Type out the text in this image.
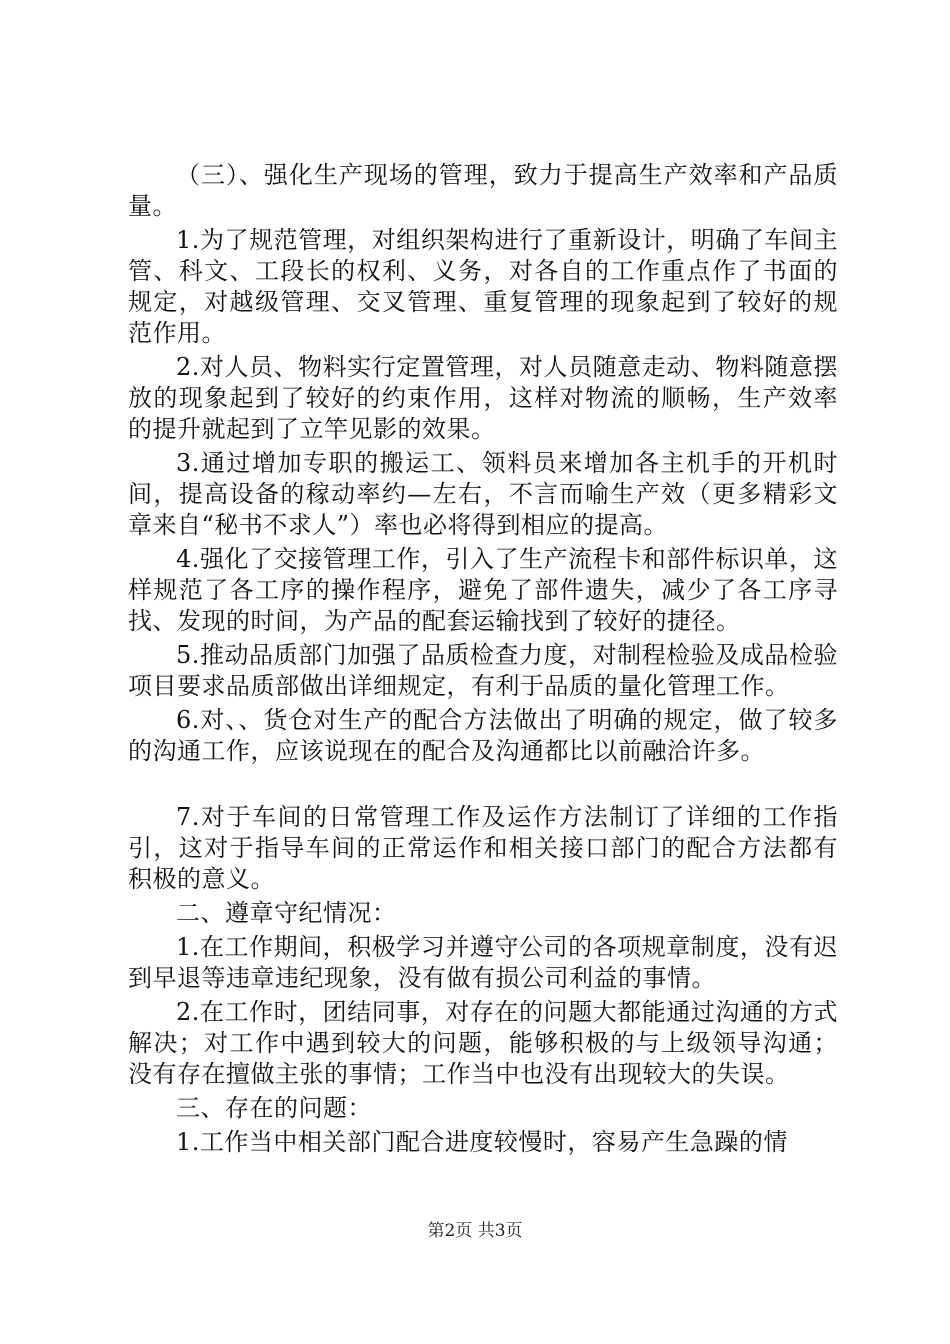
（三）、强化生产现场的管理，致力于提高生产效率和产品质量。

1.为了规范管理，对组织架构进行了重新设计，明确了车间主管、科文、工段长的权利、义务，对各自的工作重点作了书面的规定，对越级管理、交叉管理、重复管理的现象起到了较好的规范作用。

2.对人员、物料实行定置管理，对人员随意走动、物料随意摆放的现象起到了较好的约束作用，这样对物流的顺畅，生产效率的提升就起到了立竿见影的效果。

3.通过增加专职的搬运工、领料员来增加各主机手的开机时间，提高设备的稼动率约—左右，不言而喻生产效（更多精彩文章来自“秘书不求人”）率也必将得到相应的提高。

4.强化了交接管理工作，引入了生产流程卡和部件标识单，这样规范了各工序的操作程序，避免了部件遗失，减少了各工序寻找、发现的时间，为产品的配套运输找到了较好的捷径。

5.推动品质部门加强了品质检查力度，对制程检验及成品检验项目要求品质部做出详细规定，有利于品质的量化管理工作。

6.对、、货仓对生产的配合方法做出了明确的规定，做了较多的沟通工作，应该说现在的配合及沟通都比以前融洽许多。

7.对于车间的日常管理工作及运作方法制订了详细的工作指引，这对于指导车间的正常运作和相关接口部门的配合方法都有积极的意义。

二、遵章守纪情况：

1.在工作期间，积极学习并遵守公司的各项规章制度，没有迟到早退等违章违纪现象，没有做有损公司利益的事情。

2.在工作时，团结同事，对存在的问题大都能通过沟通的方式解决；对工作中遇到较大的问题，能够积极的与上级领导沟通；没有存在擅做主张的事情；工作当中也没有出现较大的失误。

三、存在的问题：

1.工作当中相关部门配合进度较慢时，容易产生急躁的情

第2页 共3页
